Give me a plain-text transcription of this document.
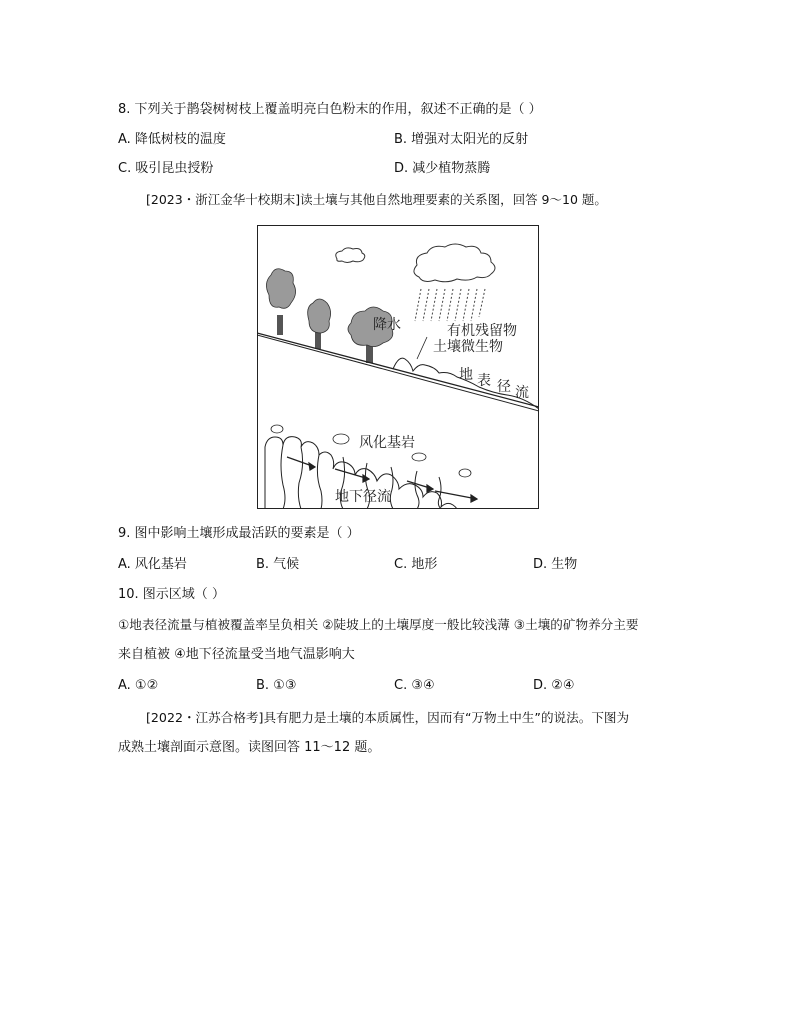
8. 下列关于鹊袋树树枝上覆盖明亮白色粉末的作用，叙述不正确的是（ ）
A. 降低树枝的温度	B. 增强对太阳光的反射
C. 吸引昆虫授粉	D. 减少植物蒸腾
[2023・浙江金华十校期末]读土壤与其他自然地理要素的关系图，回答 9～10 题。
降水	有机残留物
土壤微生物
地 表 径 流
风化基岩
地下径流
9. 图中影响土壤形成最活跃的要素是（ ）
A. 风化基岩	B. 气候	C. 地形	D. 生物
10. 图示区域（ ）
①地表径流量与植被覆盖率呈负相关 ②陡坡上的土壤厚度一般比较浅薄 ③土壤的矿物养分主要
来自植被 ④地下径流量受当地气温影响大
A. ①②	B. ①③	C. ③④	D. ②④
[2022・江苏合格考]具有肥力是土壤的本质属性，因而有“万物土中生”的说法。下图为
成熟土壤剖面示意图。读图回答 11～12 题。
